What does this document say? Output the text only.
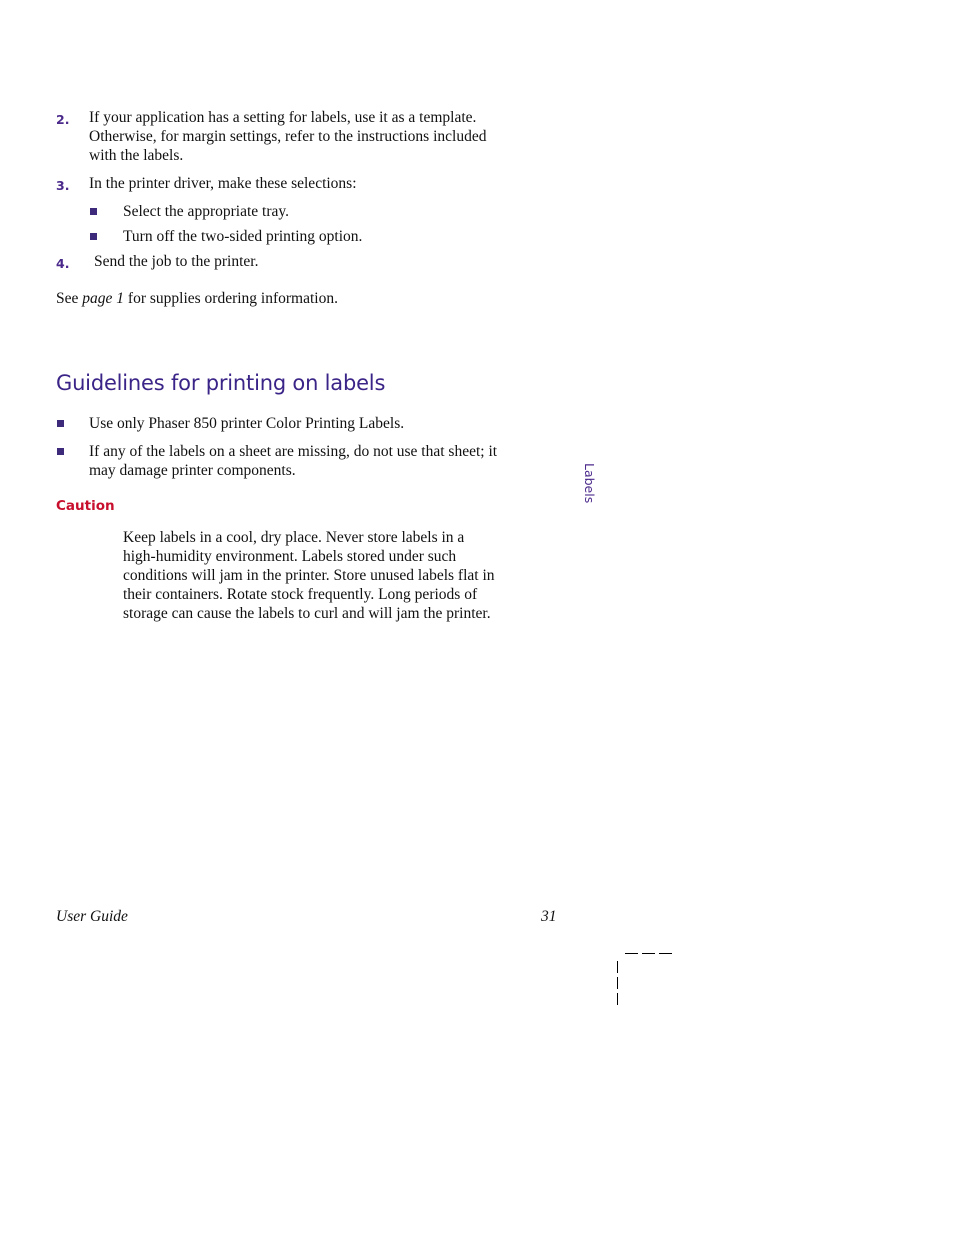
2. If your application has a setting for labels, use it as a template.
Otherwise, for margin settings, refer to the instructions included
with the labels.
3. In the printer driver, make these selections:
Select the appropriate tray.
Turn off the two-sided printing option.
4. Send the job to the printer.
See page 1 for supplies ordering information.
Guidelines for printing on labels
Use only Phaser 850 printer Color Printing Labels.
If any of the labels on a sheet are missing, do not use that sheet; it
may damage printer components.
Caution
Keep labels in a cool, dry place. Never store labels in a
high-humidity environment. Labels stored under such
conditions will jam in the printer. Store unused labels flat in
their containers. Rotate stock frequently. Long periods of
storage can cause the labels to curl and will jam the printer.
Labels
User Guide	31
